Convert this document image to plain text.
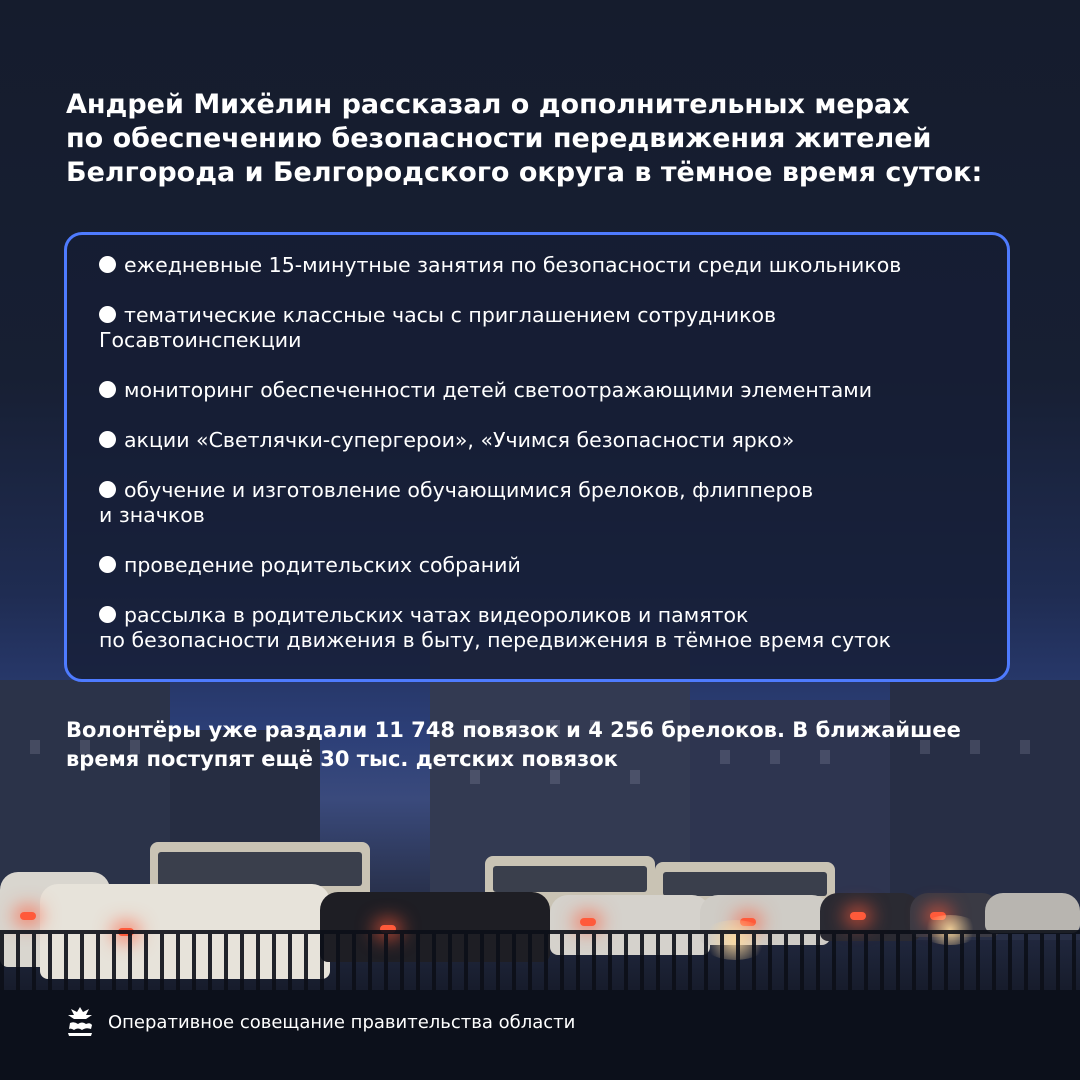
Андрей Михёлин рассказал о дополнительных мерах
по обеспечению безопасности передвижения жителей
Белгорода и Белгородского округа в тёмное время суток:
ежедневные 15-минутные занятия по безопасности среди школьников
тематические классные часы с приглашением сотрудников
Госавтоинспекции
мониторинг обеспеченности детей светоотражающими элементами
акции «Светлячки-супергерои», «Учимся безопасности ярко»
обучение и изготовление обучающимися брелоков, флипперов
и значков
проведение родительских собраний
рассылка в родительских чатах видеороликов и памяток
по безопасности движения в быту, передвижения в тёмное время суток
Волонтёры уже раздали 11 748 повязок и 4 256 брелоков. В ближайшее
время поступят ещё 30 тыс. детских повязок
Оперативное совещание правительства области
